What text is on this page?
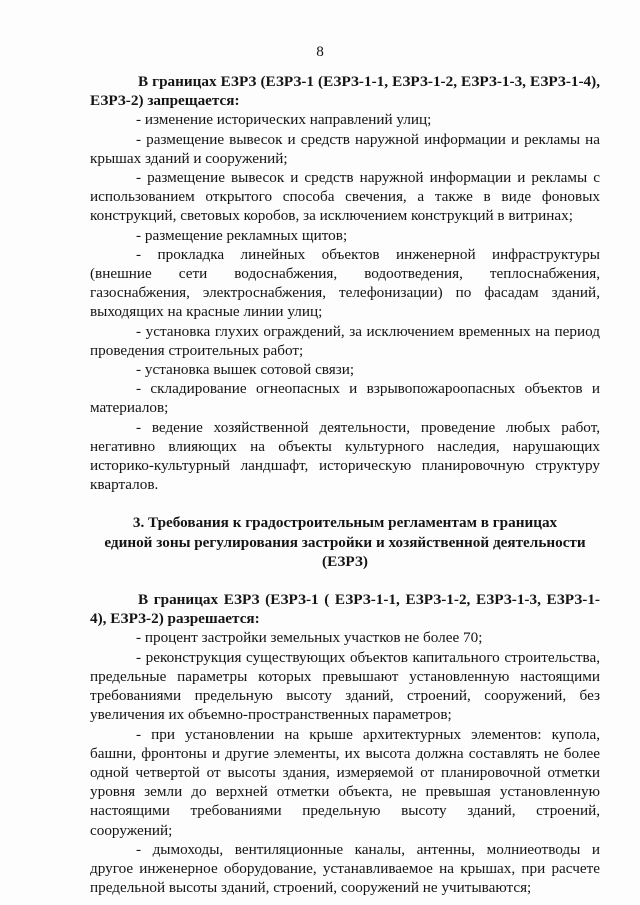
8

В границах ЕЗРЗ (ЕЗРЗ-1 (ЕЗРЗ-1-1, ЕЗРЗ-1-2, ЕЗРЗ-1-3, ЕЗРЗ-1-4), ЕЗРЗ-2) запрещается:

- изменение исторических направлений улиц;

- размещение вывесок и средств наружной информации и рекламы на крышах зданий и сооружений;

- размещение вывесок и средств наружной информации и рекламы с использованием открытого способа свечения, а также в виде фоновых конструкций, световых коробов, за исключением конструкций в витринах;

- размещение рекламных щитов;

- прокладка линейных объектов инженерной инфраструктуры (внешние сети водоснабжения, водоотведения, теплоснабжения, газоснабжения, электроснабжения, телефонизации) по фасадам зданий, выходящих на красные линии улиц;

- установка глухих ограждений, за исключением временных на период проведения строительных работ;

- установка вышек сотовой связи;

- складирование огнеопасных и взрывопожароопасных объектов и материалов;

- ведение хозяйственной деятельности, проведение любых работ, негативно влияющих на объекты культурного наследия, нарушающих историко-культурный ландшафт, историческую планировочную структуру кварталов.

3. Требования к градостроительным регламентам в границах
единой зоны регулирования застройки и хозяйственной деятельности
(ЕЗРЗ)

В границах ЕЗРЗ (ЕЗРЗ-1 ( ЕЗРЗ-1-1, ЕЗРЗ-1-2, ЕЗРЗ-1-3, ЕЗРЗ-1-4), ЕЗРЗ-2) разрешается:

- процент застройки земельных участков не более 70;

- реконструкция существующих объектов капитального строительства, предельные параметры которых превышают установленную настоящими требованиями предельную высоту зданий, строений, сооружений, без увеличения их объемно-пространственных параметров;

- при установлении на крыше архитектурных элементов: купола, башни, фронтоны и другие элементы, их высота должна составлять не более одной четвертой от высоты здания, измеряемой от планировочной отметки уровня земли до верхней отметки объекта, не превышая установленную настоящими требованиями предельную высоту зданий, строений, сооружений;

- дымоходы, вентиляционные каналы, антенны, молниеотводы и другое инженерное оборудование, устанавливаемое на крышах, при расчете предельной высоты зданий, строений, сооружений не учитываются;
